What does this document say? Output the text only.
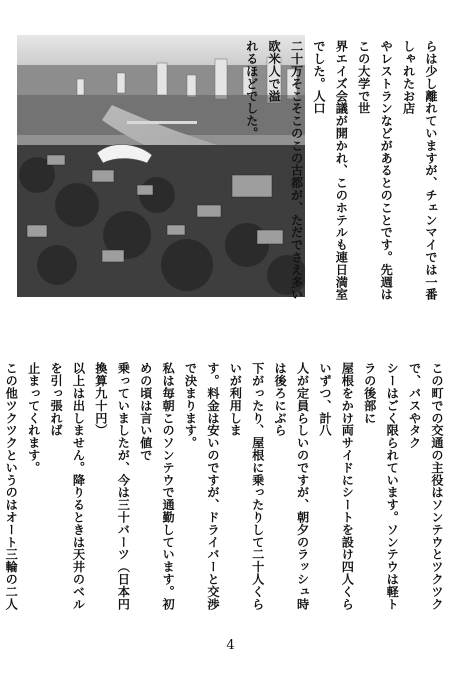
らは少し離れていますが、チェンマイでは一番しゃれたお店

やレストランなどがあるとのことです。先週はこの大学で世

界エイズ会議が開かれ、このホテルも連日満室でした。人口

二十万そこそこのこの古都が、ただでさえ多い欧米人で溢

れるほどでした。

この町での交通の主役はソンテウとツクツクで、バスやタク

シーはごく限られています。ソンテウは軽トラの後部に

屋根をかけ両サイドにシートを設け四人くらいずつ、計八

人が定員らしいのですが、朝夕のラッシュ時は後ろにぶら

下がったり、屋根に乗ったりして二十人くらいが利用しま

す。料金は安いのですが、ドライバーと交渉で決まります。

私は毎朝このソンテウで通勤しています。初めの頃は言い値で

乗っていましたが、今は三十バーツ（日本円換算九十円）

以上は出しません。降りるときは天井のベルを引っ張れば

止まってくれます。

この他ツクツクというのはオート三輪の二人

4
